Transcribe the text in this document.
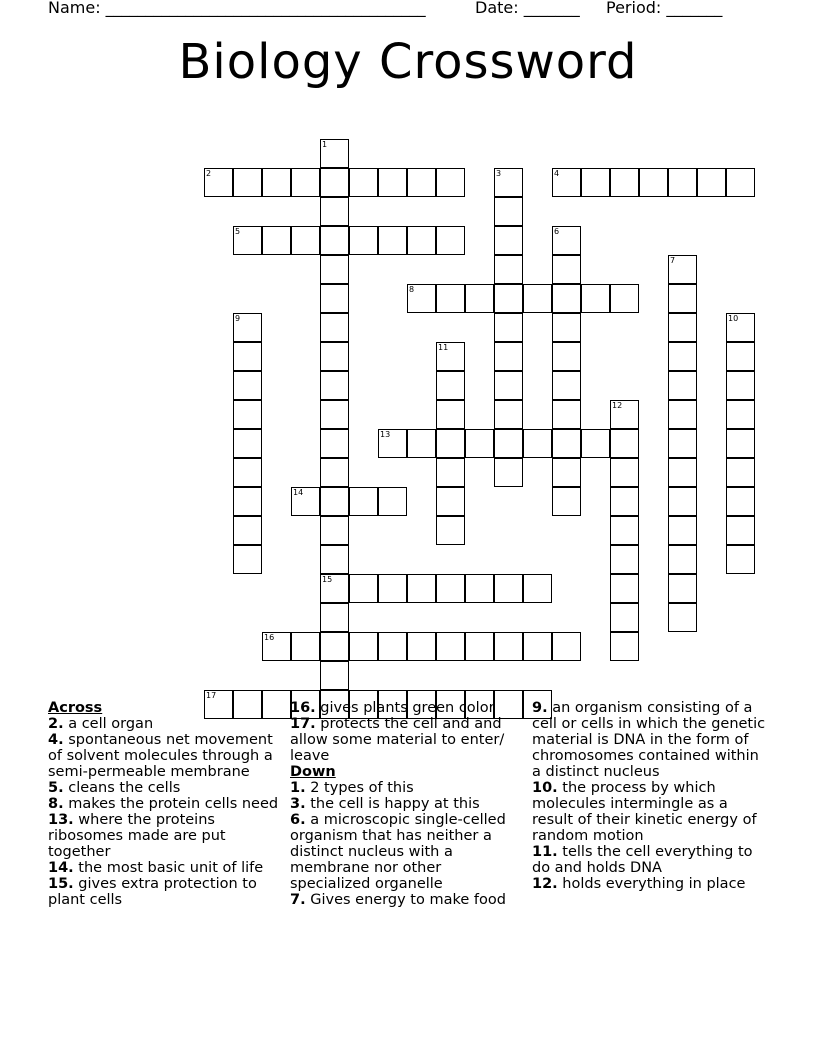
Name: ________________________________________	Date: _______ Period: _______
Biology Crossword
1
2	3	4
5	6
7
8
9	10
11
12
13
14
15
16
17
Across
2. a cell organ
4. spontaneous net movement of solvent molecules through a semi-permeable membrane
5. cleans the cells
8. makes the protein cells need
13. where the proteins ribosomes made are put together
14. the most basic unit of life
15. gives extra protection to plant cells
16. gives plants green color
17. protects the cell and and allow some material to enter/ leave
Down
1. 2 types of this
3. the cell is happy at this
6. a microscopic single-celled organism that has neither a distinct nucleus with a membrane nor other specialized organelle
7. Gives energy to make food
9. an organism consisting of a cell or cells in which the genetic material is DNA in the form of chromosomes contained within a distinct nucleus
10. the process by which molecules intermingle as a result of their kinetic energy of random motion
11. tells the cell everything to do and holds DNA
12. holds everything in place
